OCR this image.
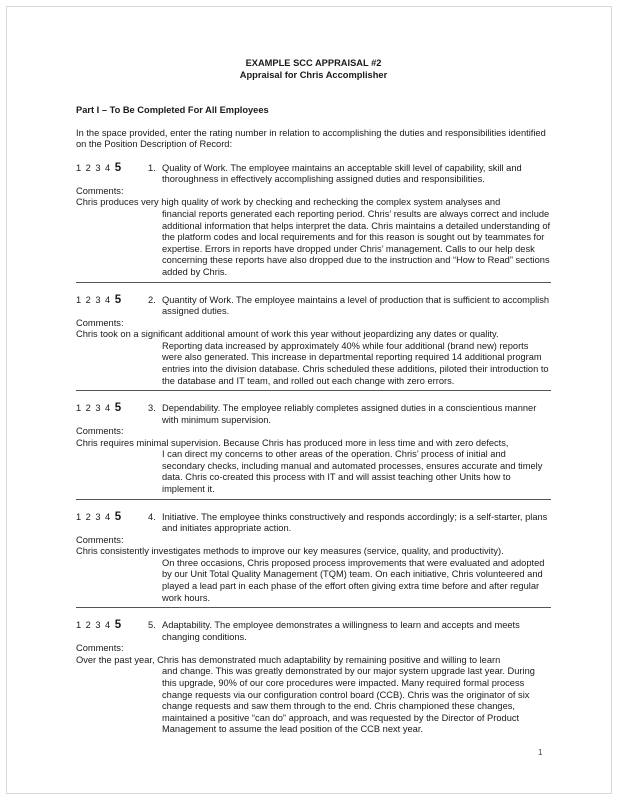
EXAMPLE SCC APPRAISAL #2
Appraisal for Chris Accomplisher
Part I – To Be Completed For All Employees
In the space provided, enter the rating number in relation to accomplishing the duties and responsibilities identified on the Position Description of Record:
1 2 3 4 5	1. Quality of Work. The employee maintains an acceptable skill level of capability, skill and thoroughness in effectively accomplishing assigned duties and responsibilities.
Comments:
Chris produces very high quality of work by checking and rechecking the complex system analyses and
financial reports generated each reporting period. Chris’ results are always correct and include additional information that helps interpret the data. Chris maintains a detailed understanding of the platform codes and local requirements and for this reason is sought out by teammates for expertise. Errors in reports have dropped under Chris’ management. Calls to our help desk concerning these reports have also dropped due to the instruction and “How to Read” sections added by Chris.
1 2 3 4 5	2. Quantity of Work. The employee maintains a level of production that is sufficient to accomplish assigned duties.
Comments:
Chris took on a significant additional amount of work this year without jeopardizing any dates or quality.
Reporting data increased by approximately 40% while four additional (brand new) reports were also generated. This increase in departmental reporting required 14 additional program entries into the division database. Chris scheduled these additions, piloted their introduction to the database and IT team, and rolled out each change with zero errors.
1 2 3 4 5	3. Dependability. The employee reliably completes assigned duties in a conscientious manner with minimum supervision.
Comments:
Chris requires minimal supervision. Because Chris has produced more in less time and with zero defects,
I can direct my concerns to other areas of the operation. Chris’ process of initial and secondary checks, including manual and automated processes, ensures accurate and timely data. Chris co-created this process with IT and will assist teaching other Units how to implement it.
1 2 3 4 5	4. Initiative. The employee thinks constructively and responds accordingly; is a self-starter, plans and initiates appropriate action.
Comments:
Chris consistently investigates methods to improve our key measures (service, quality, and productivity).
On three occasions, Chris proposed process improvements that were evaluated and adopted by our Unit Total Quality Management (TQM) team. On each initiative, Chris volunteered and played a lead part in each phase of the effort often giving extra time before and after regular work hours.
1 2 3 4 5	5. Adaptability. The employee demonstrates a willingness to learn and accepts and meets changing conditions.
Comments:
Over the past year, Chris has demonstrated much adaptability by remaining positive and willing to learn
and change. This was greatly demonstrated by our major system upgrade last year. During this upgrade, 90% of our core procedures were impacted. Many required formal process change requests via our configuration control board (CCB). Chris was the originator of six change requests and saw them through to the end. Chris championed these changes, maintained a positive “can do” approach, and was requested by the Director of Product Management to assume the lead position of the CCB next year.
1
